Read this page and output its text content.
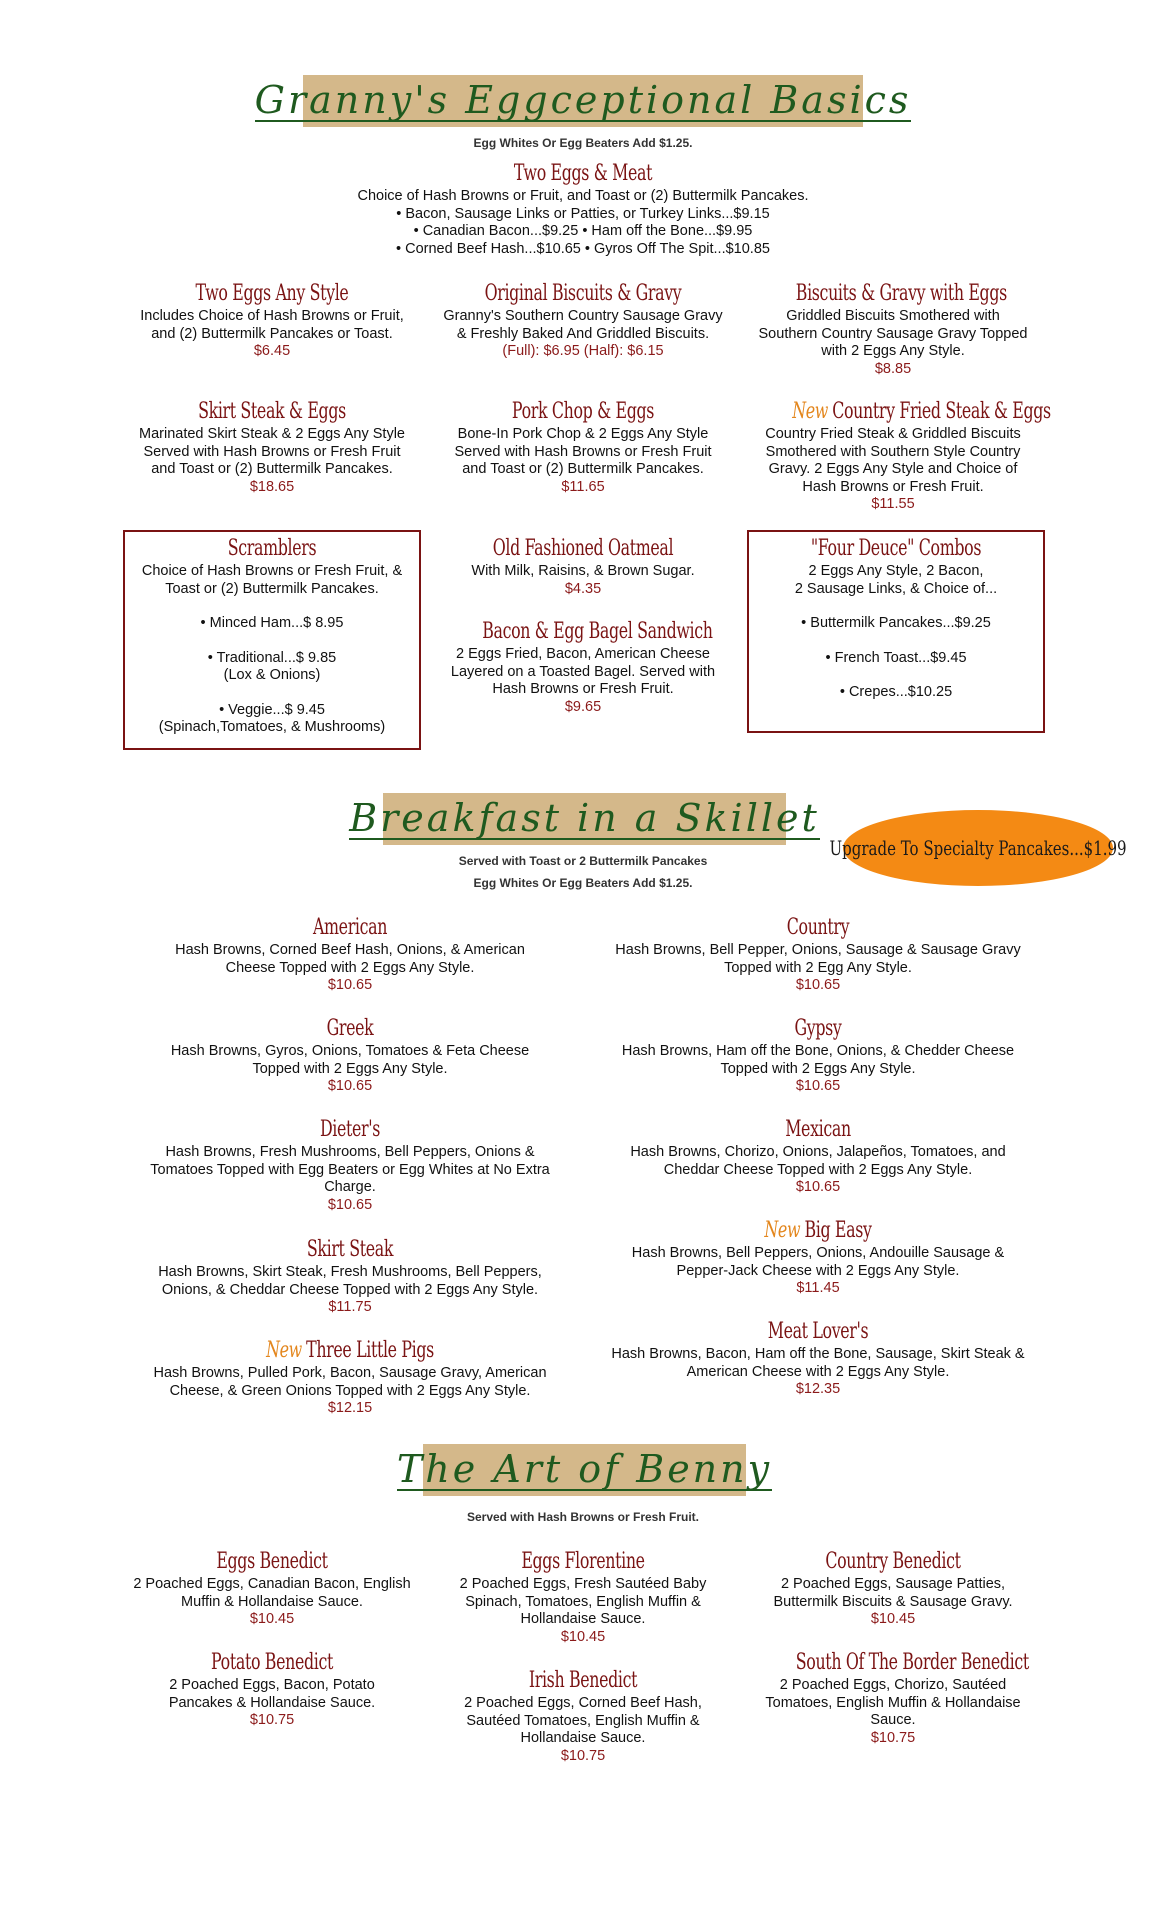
Granny's Eggceptional Basics
Egg Whites Or Egg Beaters Add $1.25.
Two Eggs & Meat
Choice of Hash Browns or Fruit, and Toast or (2) Buttermilk Pancakes.
• Bacon, Sausage Links or Patties, or Turkey Links...$9.15
• Canadian Bacon...$9.25 • Ham off the Bone...$9.95
• Corned Beef Hash...$10.65 • Gyros Off The Spit...$10.85
Two Eggs Any Style
Includes Choice of Hash Browns or Fruit, and (2) Buttermilk Pancakes or Toast.
$6.45
Original Biscuits & Gravy
Granny's Southern Country Sausage Gravy & Freshly Baked And Griddled Biscuits.
(Full): $6.95 (Half): $6.15
Biscuits & Gravy with Eggs
Griddled Biscuits Smothered with Southern Country Sausage Gravy Topped with 2 Eggs Any Style.
$8.85
Skirt Steak & Eggs
Marinated Skirt Steak & 2 Eggs Any Style Served with Hash Browns or Fresh Fruit and Toast or (2) Buttermilk Pancakes.
$18.65
Pork Chop & Eggs
Bone-In Pork Chop & 2 Eggs Any Style Served with Hash Browns or Fresh Fruit and Toast or (2) Buttermilk Pancakes.
$11.65
New Country Fried Steak & Eggs
Country Fried Steak & Griddled Biscuits Smothered with Southern Style Country Gravy. 2 Eggs Any Style and Choice of Hash Browns or Fresh Fruit.
$11.55
Scramblers
Choice of Hash Browns or Fresh Fruit, & Toast or (2) Buttermilk Pancakes.
• Minced Ham...$ 8.95
• Traditional...$ 9.85
(Lox & Onions)
• Veggie...$ 9.45
(Spinach,Tomatoes, & Mushrooms)
Old Fashioned Oatmeal
With Milk, Raisins, & Brown Sugar.
$4.35
Bacon & Egg Bagel Sandwich
2 Eggs Fried, Bacon, American Cheese Layered on a Toasted Bagel. Served with Hash Browns or Fresh Fruit.
$9.65
"Four Deuce" Combos
2 Eggs Any Style, 2 Bacon,
2 Sausage Links, & Choice of...
• Buttermilk Pancakes...$9.25
• French Toast...$9.45
• Crepes...$10.25
Breakfast in a Skillet
Upgrade To Specialty Pancakes...$1.99
Served with Toast or 2 Buttermilk Pancakes
Egg Whites Or Egg Beaters Add $1.25.
American
Hash Browns, Corned Beef Hash, Onions, & American Cheese Topped with 2 Eggs Any Style.
$10.65
Country
Hash Browns, Bell Pepper, Onions, Sausage & Sausage Gravy Topped with 2 Egg Any Style.
$10.65
Greek
Hash Browns, Gyros, Onions, Tomatoes & Feta Cheese Topped with 2 Eggs Any Style.
$10.65
Gypsy
Hash Browns, Ham off the Bone, Onions, & Chedder Cheese Topped with 2 Eggs Any Style.
$10.65
Dieter's
Hash Browns, Fresh Mushrooms, Bell Peppers, Onions & Tomatoes Topped with Egg Beaters or Egg Whites at No Extra Charge.
$10.65
Mexican
Hash Browns, Chorizo, Onions, Jalapeños, Tomatoes, and Cheddar Cheese Topped with 2 Eggs Any Style.
$10.65
Skirt Steak
Hash Browns, Skirt Steak, Fresh Mushrooms, Bell Peppers, Onions, & Cheddar Cheese Topped with 2 Eggs Any Style.
$11.75
New Big Easy
Hash Browns, Bell Peppers, Onions, Andouille Sausage & Pepper-Jack Cheese with 2 Eggs Any Style.
$11.45
New Three Little Pigs
Hash Browns, Pulled Pork, Bacon, Sausage Gravy, American Cheese, & Green Onions Topped with 2 Eggs Any Style.
$12.15
Meat Lover's
Hash Browns, Bacon, Ham off the Bone, Sausage, Skirt Steak & American Cheese with 2 Eggs Any Style.
$12.35
The Art of Benny
Served with Hash Browns or Fresh Fruit.
Eggs Benedict
2 Poached Eggs, Canadian Bacon, English Muffin & Hollandaise Sauce.
$10.45
Eggs Florentine
2 Poached Eggs, Fresh Sautéed Baby Spinach, Tomatoes, English Muffin & Hollandaise Sauce.
$10.45
Country Benedict
2 Poached Eggs, Sausage Patties, Buttermilk Biscuits & Sausage Gravy.
$10.45
Potato Benedict
2 Poached Eggs, Bacon, Potato Pancakes & Hollandaise Sauce.
$10.75
Irish Benedict
2 Poached Eggs, Corned Beef Hash, Sautéed Tomatoes, English Muffin & Hollandaise Sauce.
$10.75
South Of The Border Benedict
2 Poached Eggs, Chorizo, Sautéed Tomatoes, English Muffin & Hollandaise Sauce.
$10.75
